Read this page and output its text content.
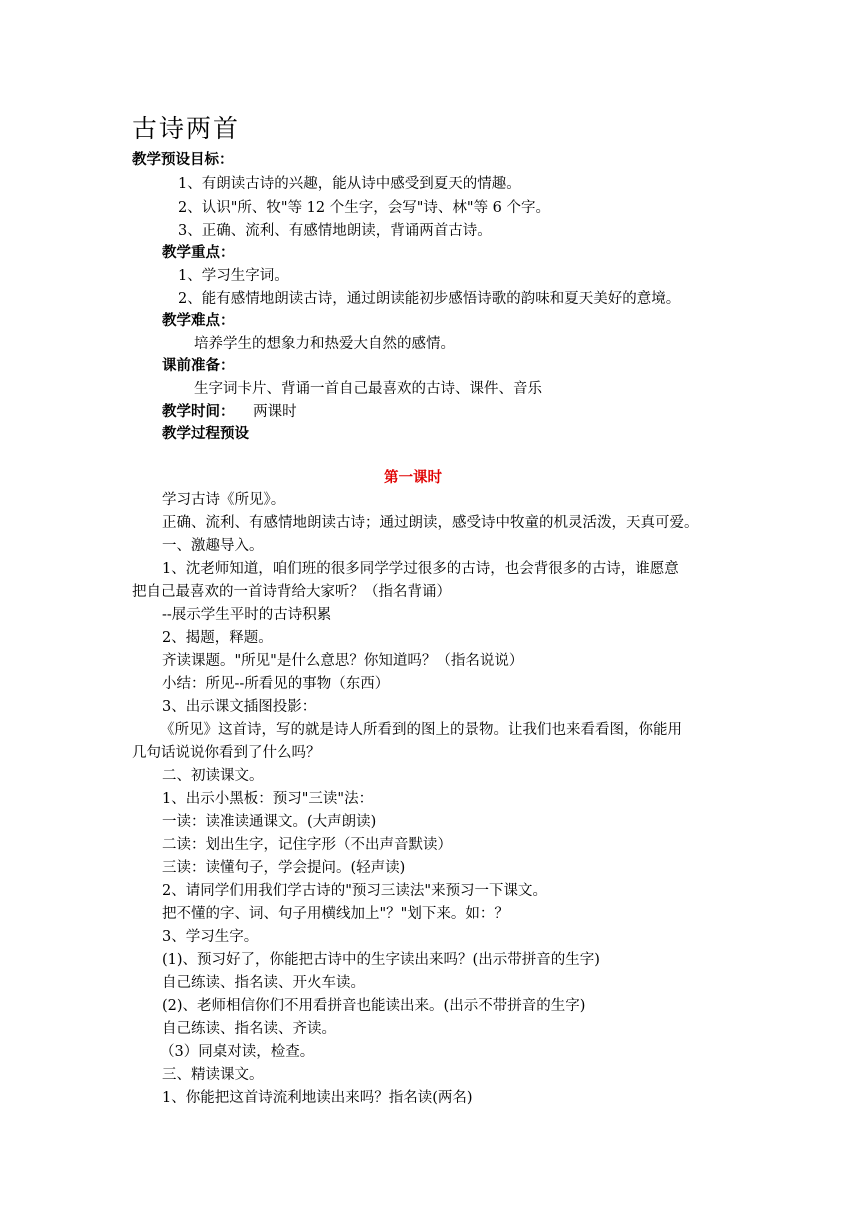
古诗两首
教学预设目标：
1、有朗读古诗的兴趣，能从诗中感受到夏天的情趣。
2、认识"所、牧"等 12 个生字，会写"诗、林"等 6 个字。
3、正确、流利、有感情地朗读，背诵两首古诗。
教学重点：
1、学习生字词。
2、能有感情地朗读古诗，通过朗读能初步感悟诗歌的韵味和夏天美好的意境。
教学难点：
培养学生的想象力和热爱大自然的感情。
课前准备：
生字词卡片、背诵一首自己最喜欢的古诗、课件、音乐
教学时间： 两课时
教学过程预设
第一课时
学习古诗《所见》。
正确、流利、有感情地朗读古诗；通过朗读，感受诗中牧童的机灵活泼，天真可爱。
一、激趣导入。
1、沈老师知道，咱们班的很多同学学过很多的古诗，也会背很多的古诗，谁愿意
把自己最喜欢的一首诗背给大家听？（指名背诵）
--展示学生平时的古诗积累
2、揭题，释题。
齐读课题。"所见"是什么意思？你知道吗？（指名说说）
小结：所见--所看见的事物（东西）
3、出示课文插图投影：
《所见》这首诗，写的就是诗人所看到的图上的景物。让我们也来看看图，你能用
几句话说说你看到了什么吗？
二、初读课文。
1、出示小黑板：预习"三读"法：
一读：读准读通课文。(大声朗读)
二读：划出生字，记住字形（不出声音默读）
三读：读懂句子，学会提问。(轻声读)
2、请同学们用我们学古诗的"预习三读法"来预习一下课文。
把不懂的字、词、句子用横线加上"？"划下来。如：？
3、学习生字。
(1)、预习好了，你能把古诗中的生字读出来吗？(出示带拼音的生字)
自己练读、指名读、开火车读。
(2)、老师相信你们不用看拼音也能读出来。(出示不带拼音的生字)
自己练读、指名读、齐读。
（3）同桌对读，检查。
三、精读课文。
1、你能把这首诗流利地读出来吗？指名读(两名)
